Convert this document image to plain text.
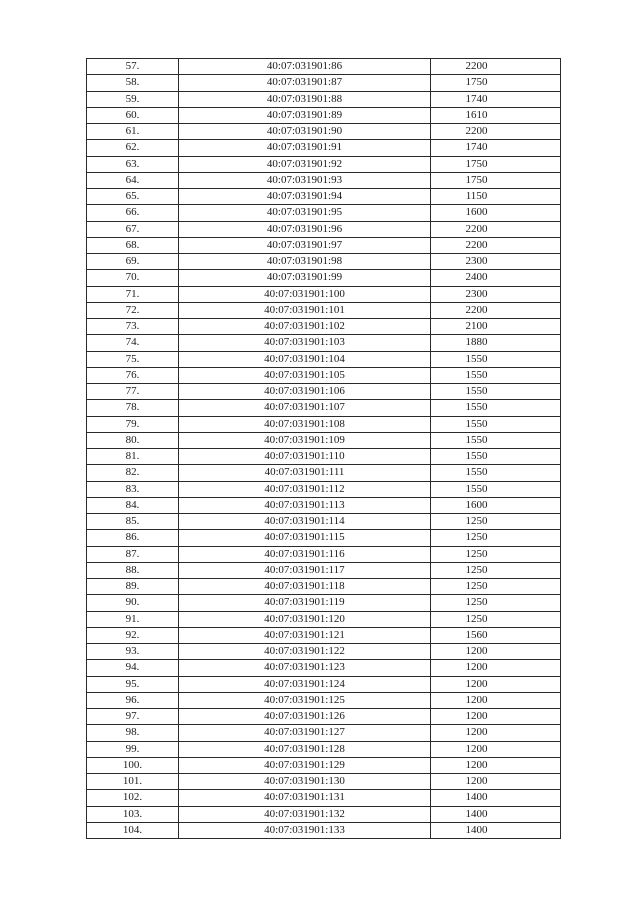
57.	40:07:031901:86	2200
58.	40:07:031901:87	1750
59.	40:07:031901:88	1740
60.	40:07:031901:89	1610
61.	40:07:031901:90	2200
62.	40:07:031901:91	1740
63.	40:07:031901:92	1750
64.	40:07:031901:93	1750
65.	40:07:031901:94	1150
66.	40:07:031901:95	1600
67.	40:07:031901:96	2200
68.	40:07:031901:97	2200
69.	40:07:031901:98	2300
70.	40:07:031901:99	2400
71.	40:07:031901:100	2300
72.	40:07:031901:101	2200
73.	40:07:031901:102	2100
74.	40:07:031901:103	1880
75.	40:07:031901:104	1550
76.	40:07:031901:105	1550
77.	40:07:031901:106	1550
78.	40:07:031901:107	1550
79.	40:07:031901:108	1550
80.	40:07:031901:109	1550
81.	40:07:031901:110	1550
82.	40:07:031901:111	1550
83.	40:07:031901:112	1550
84.	40:07:031901:113	1600
85.	40:07:031901:114	1250
86.	40:07:031901:115	1250
87.	40:07:031901:116	1250
88.	40:07:031901:117	1250
89.	40:07:031901:118	1250
90.	40:07:031901:119	1250
91.	40:07:031901:120	1250
92.	40:07:031901:121	1560
93.	40:07:031901:122	1200
94.	40:07:031901:123	1200
95.	40:07:031901:124	1200
96.	40:07:031901:125	1200
97.	40:07:031901:126	1200
98.	40:07:031901:127	1200
99.	40:07:031901:128	1200
100.	40:07:031901:129	1200
101.	40:07:031901:130	1200
102.	40:07:031901:131	1400
103.	40:07:031901:132	1400
104.	40:07:031901:133	1400
